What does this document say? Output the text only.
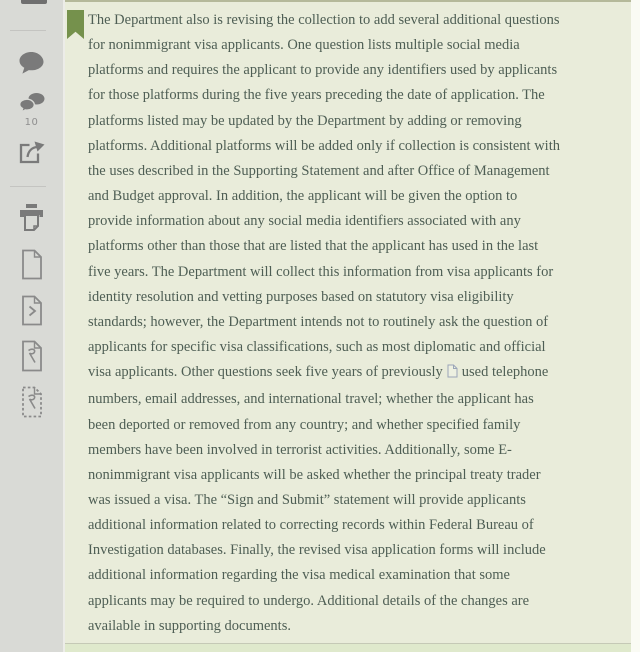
10
The Department also is revising the collection to add several additional questions
for nonimmigrant visa applicants. One question lists multiple social media
platforms and requires the applicant to provide any identifiers used by applicants
for those platforms during the five years preceding the date of application. The
platforms listed may be updated by the Department by adding or removing
platforms. Additional platforms will be added only if collection is consistent with
the uses described in the Supporting Statement and after Office of Management
and Budget approval. In addition, the applicant will be given the option to
provide information about any social media identifiers associated with any
platforms other than those that are listed that the applicant has used in the last
five years. The Department will collect this information from visa applicants for
identity resolution and vetting purposes based on statutory visa eligibility
standards; however, the Department intends not to routinely ask the question of
applicants for specific visa classifications, such as most diplomatic and official
visa applicants. Other questions seek five years of previously used telephone
numbers, email addresses, and international travel; whether the applicant has
been deported or removed from any country; and whether specified family
members have been involved in terrorist activities. Additionally, some E-
nonimmigrant visa applicants will be asked whether the principal treaty trader
was issued a visa. The “Sign and Submit” statement will provide applicants
additional information related to correcting records within Federal Bureau of
Investigation databases. Finally, the revised visa application forms will include
additional information regarding the visa medical examination that some
applicants may be required to undergo. Additional details of the changes are
available in supporting documents.
